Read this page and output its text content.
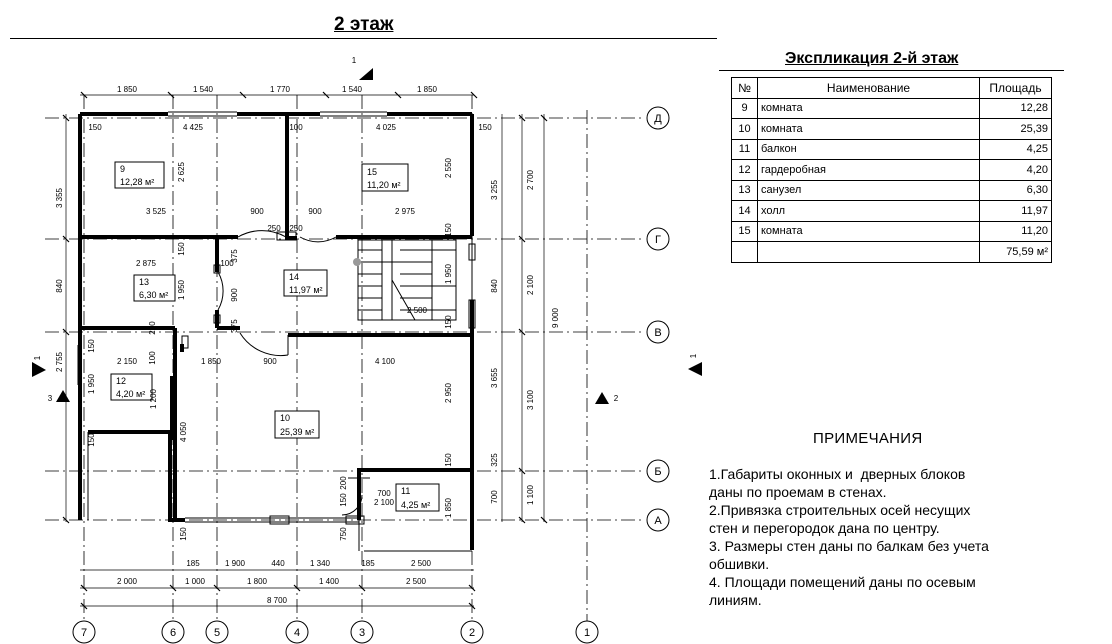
1 850	1 540	1 770	1 540	1 850
185	1 900	440	1 340	185	2 500
2 000	1 000	1 800	1 400	2 500
8 700
3 355
840
2 755
3 255
840
3 655
325
700
2 700
2 100
3 100
1 100
9 000
150	4 425	100	4 025	150
2 625	2 550
3 525	900	900	2 975
250 250
150
2 875	100
375
900
375
1 950
1 950
2 500
150
150
200
150
100
2 150	1 850	900	4 100
1 950
1 200
4 050
2 950
150
700
2 100	1 850
750
150
150
200
150
9
12,28 м²
15
11,20 м²
13
6,30 м²
14
11,97 м²
12
4,20 м²
10
25,39 м²
11
4,25 м²
7	6	5	4	3	2	1
Д
Г
В
Б
А
1
1
3	2
1
2 этаж
Экспликация 2-й этаж
№	Наименование	Площадь
9	комната	12,28
10	комната	25,39
11	балкон	4,25
12	гардеробная	4,20
13	санузел	6,30
14	холл	11,97
15	комната	11,20
		75,59 м²
ПРИМЕЧАНИЯ
1.Габариты оконных и  дверных блоков
даны по проемам в стенах.
2.Привязка строительных осей несущих
стен и перегородок дана по центру.
3. Размеры стен даны по балкам без учета
обшивки.
4. Площади помещений даны по осевым
линиям.
